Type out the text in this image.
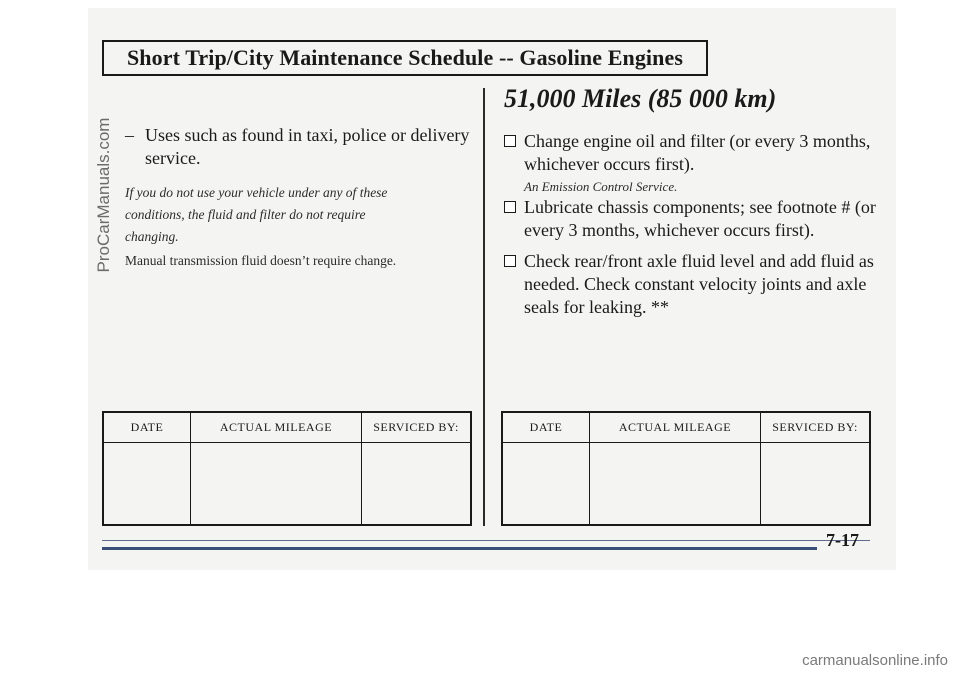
Short Trip/City Maintenance Schedule -- Gasoline Engines
ProCarManuals.com – Uses such as found in taxi, police or delivery service.
If you do not use your vehicle under any of these conditions, the fluid and filter do not require changing.
Manual transmission fluid doesn’t require change.
51,000 Miles (85 000 km)
Change engine oil and filter (or every 3 months, whichever occurs first).
An Emission Control Service.
Lubricate chassis components; see footnote # (or every 3 months, whichever occurs first).
Check rear/front axle fluid level and add fluid as needed. Check constant velocity joints and axle seals for leaking. **
DATE	ACTUAL MILEAGE	SERVICED BY:
			DATE	ACTUAL MILEAGE	SERVICED BY:

7-17
carmanualsonline.info
